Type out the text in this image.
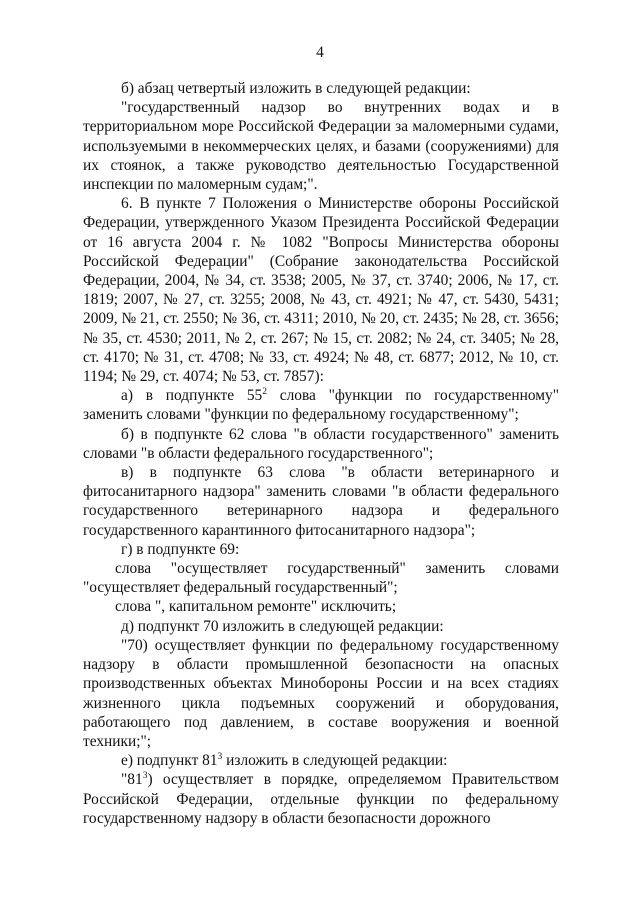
4

б) абзац четвертый изложить в следующей редакции:

"государственный надзор во внутренних водах и в территориальном море Российской Федерации за маломерными судами, используемыми в некоммерческих целях, и базами (сооружениями) для их стоянок, а также руководство деятельностью Государственной инспекции по маломерным судам;".

6. В пункте 7 Положения о Министерстве обороны Российской Федерации, утвержденного Указом Президента Российской Федерации от 16 августа 2004 г. № 1082 "Вопросы Министерства обороны Российской Федерации" (Собрание законодательства Российской Федерации, 2004, № 34, ст. 3538; 2005, № 37, ст. 3740; 2006, № 17, ст. 1819; 2007, № 27, ст. 3255; 2008, № 43, ст. 4921; № 47, ст. 5430, 5431; 2009, № 21, ст. 2550; № 36, ст. 4311; 2010, № 20, ст. 2435; № 28, ст. 3656; № 35, ст. 4530; 2011, № 2, ст. 267; № 15, ст. 2082; № 24, ст. 3405; № 28, ст. 4170; № 31, ст. 4708; № 33, ст. 4924; № 48, ст. 6877; 2012, № 10, ст. 1194; № 29, ст. 4074; № 53, ст. 7857):

а) в подпункте $55^2$ слова "функции по государственному" заменить словами "функции по федеральному государственному";

б) в подпункте 62 слова "в области государственного" заменить словами "в области федерального государственного";

в) в подпункте 63 слова "в области ветеринарного и фитосанитарного надзора" заменить словами "в области федерального государственного ветеринарного надзора и федерального государственного карантинного фитосанитарного надзора";

г) в подпункте 69:

слова "осуществляет государственный" заменить словами "осуществляет федеральный государственный";

слова ", капитальном ремонте" исключить;

д) подпункт 70 изложить в следующей редакции:

"70) осуществляет функции по федеральному государственному надзору в области промышленной безопасности на опасных производственных объектах Минобороны России и на всех стадиях жизненного цикла подъемных сооружений и оборудования, работающего под давлением, в составе вооружения и военной техники;";

е) подпункт $81^3$ изложить в следующей редакции:

"$81^3$) осуществляет в порядке, определяемом Правительством Российской Федерации, отдельные функции по федеральному государственному надзору в области безопасности дорожного
